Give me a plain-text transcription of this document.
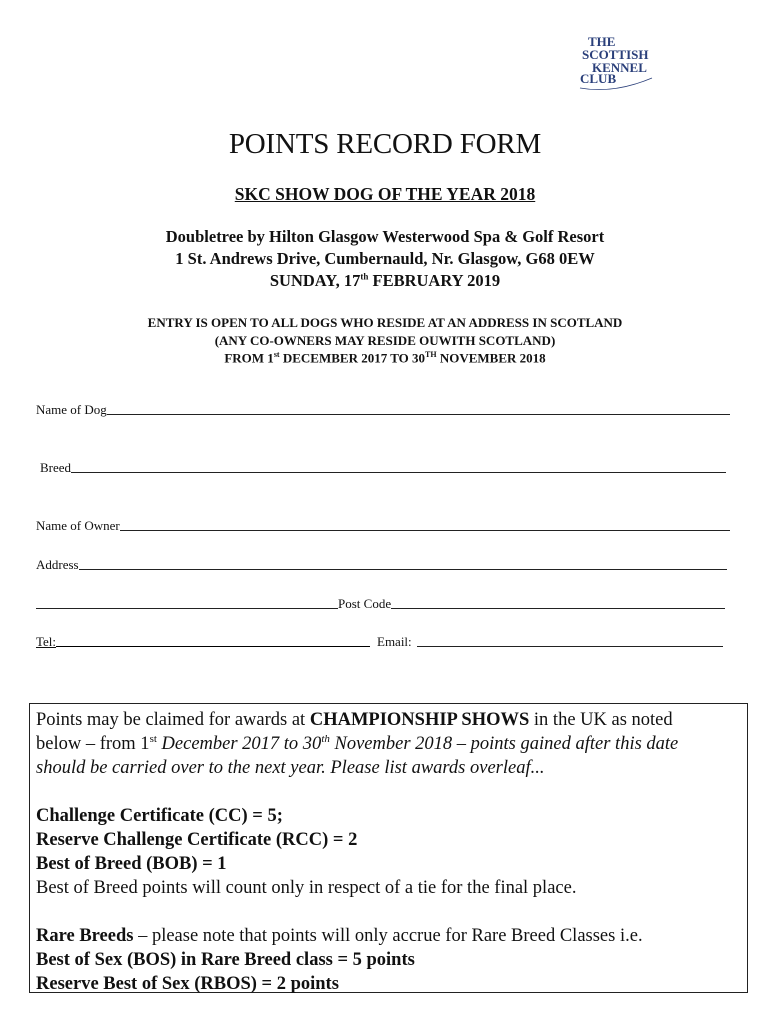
THE
SCOTTISH
KENNEL
CLUB
POINTS RECORD FORM
SKC SHOW DOG OF THE YEAR 2018
Doubletree by Hilton Glasgow Westerwood Spa & Golf Resort
1 St. Andrews Drive, Cumbernauld, Nr. Glasgow, G68 0EW
SUNDAY, 17th FEBRUARY 2019
ENTRY IS OPEN TO ALL DOGS WHO RESIDE AT AN ADDRESS IN SCOTLAND
(ANY CO-OWNERS MAY RESIDE OUWITH SCOTLAND)
FROM 1st DECEMBER 2017 TO 30TH NOVEMBER 2018
Name of Dog
Breed
Name of Owner
Address
Post Code
Tel:	Email:

Points may be claimed for awards at CHAMPIONSHIP SHOWS in the UK as noted
below – from 1st December 2017 to 30th November 2018 – points gained after this date
should be carried over to the next year. Please list awards overleaf...

Challenge Certificate (CC) = 5;

Reserve Challenge Certificate (RCC) = 2

Best of Breed (BOB) = 1

Best of Breed points will count only in respect of a tie for the final place.

Rare Breeds – please note that points will only accrue for Rare Breed Classes i.e.

Best of Sex (BOS) in Rare Breed class = 5 points

Reserve Best of Sex (RBOS) = 2 points
